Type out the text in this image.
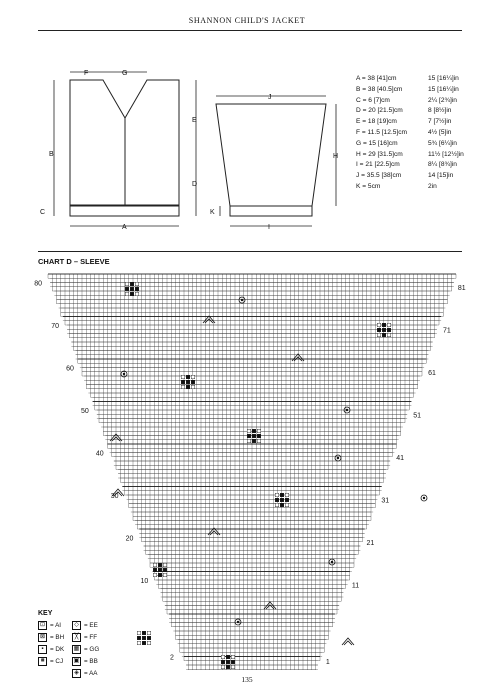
SHANNON CHILD'S JACKET
F	G
A
B
C
E
D
J
H
I
K
A = 38 [41]cm	15 [16¼]in
B = 38 [40.5]cm	15 [16¼]in
C = 6 [7]cm	2¼ [2¾]in
D = 20 [21.5]cm	8 [8½]in
E = 18 [19]cm	7 [7½]in
F = 11.5 [12.5]cm	4½ [5]in
G = 15 [16]cm	5¾ [6¼]in
H = 29 [31.5]cm	11½ [12½]in
I = 21 [22.5]cm	8¼ [8¾]in
J = 35.5 [38]cm	14 [15]in
K = 5cm	2in
CHART D – SLEEVE
80
70
60
50
40
30
20
10
2
81
71
61
51
41
31
21
11
1
KEY
⊡ = AI
⊠ = BH
▪	= DK
◾ = CJ
◇ = EE
╳ = FF
▦ = GG
▣ = BB
◈ = AA
135
